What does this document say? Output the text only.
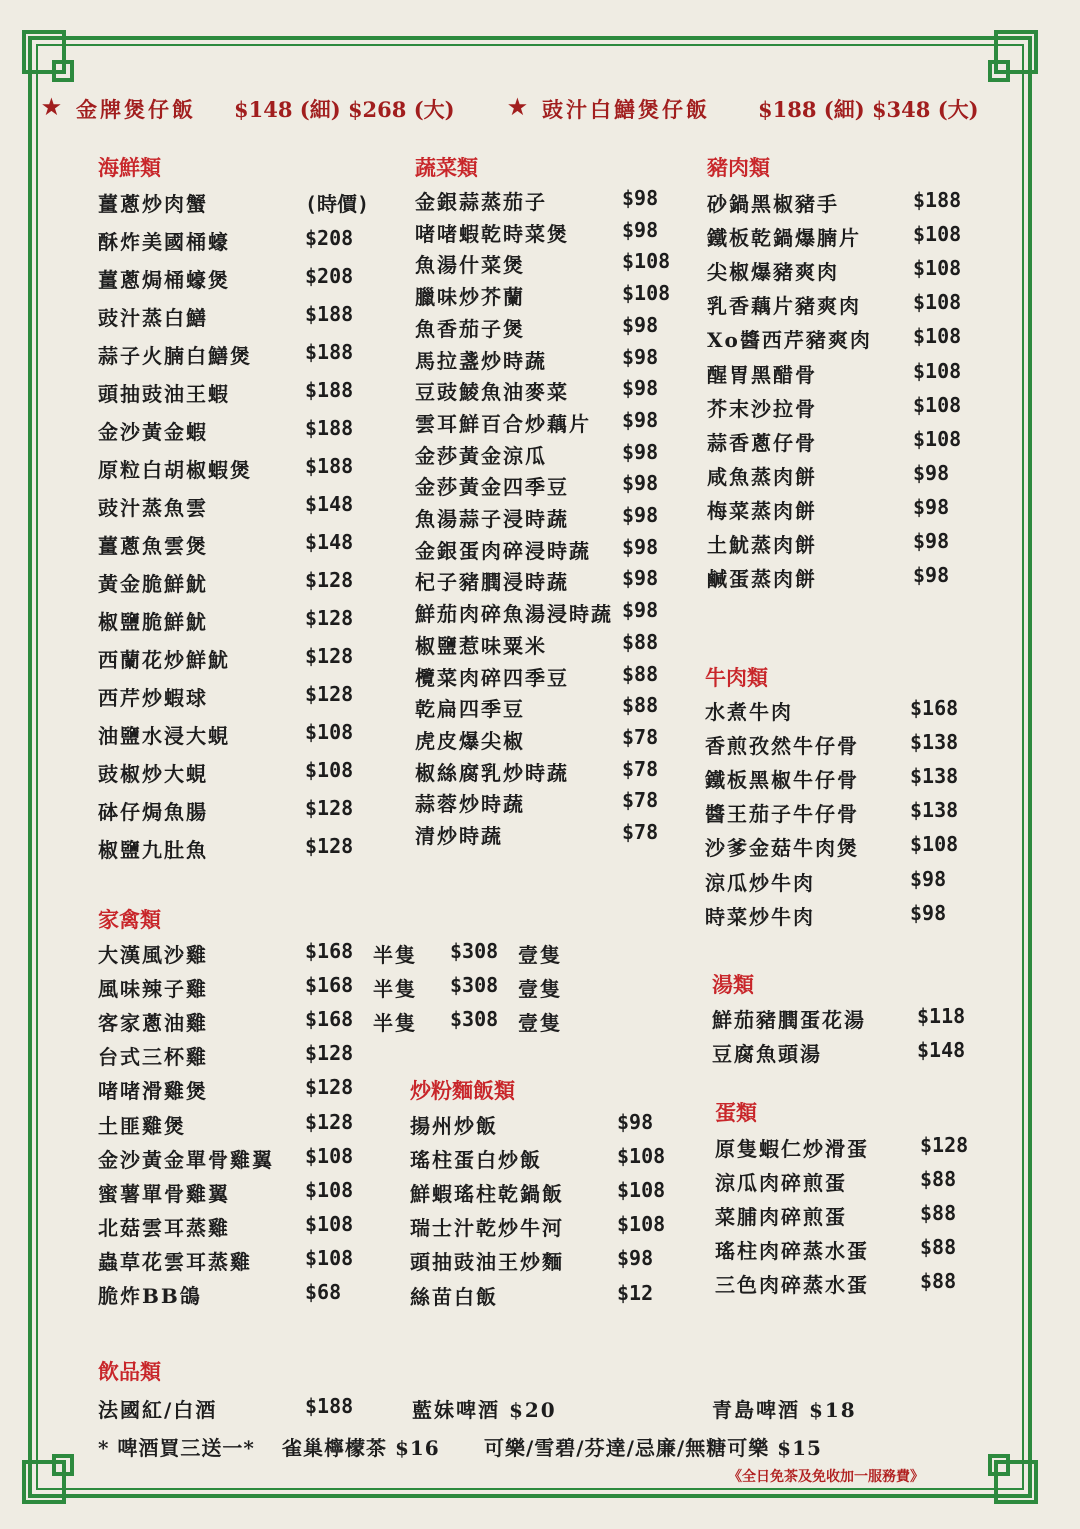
★ 金牌煲仔飯 $148 (細) $268 (大)	★ 豉汁白鱔煲仔飯 $188 (細) $348 (大)
海鮮類
薑蔥炒肉蟹	(時價)
酥炸美國桶蠔	$208
薑蔥焗桶蠔煲	$208
豉汁蒸白鱔	$188
蒜子火腩白鱔煲	$188
頭抽豉油王蝦	$188
金沙黃金蝦	$188
原粒白胡椒蝦煲	$188
豉汁蒸魚雲	$148
薑蔥魚雲煲	$148
黃金脆鮮魷	$128
椒鹽脆鮮魷	$128
西蘭花炒鮮魷	$128
西芹炒蝦球	$128
油鹽水浸大蜆	$108
豉椒炒大蜆	$108
砵仔焗魚腸	$128
椒鹽九肚魚	$128
蔬菜類
金銀蒜蒸茄子	$98
啫啫蝦乾時菜煲	$98
魚湯什菜煲	$108
臘味炒芥蘭	$108
魚香茄子煲	$98
馬拉盞炒時蔬	$98
豆豉鯪魚油麥菜	$98
雲耳鮮百合炒藕片 $98
金莎黃金涼瓜	$98
金莎黃金四季豆	$98
魚湯蒜子浸時蔬	$98
金銀蛋肉碎浸時蔬 $98
杞子豬膶浸時蔬	$98
鮮茄肉碎魚湯浸時蔬 $98
椒鹽惹味粟米	$88
欖菜肉碎四季豆	$88
乾扁四季豆	$88
虎皮爆尖椒	$78
椒絲腐乳炒時蔬	$78
蒜蓉炒時蔬	$78
清炒時蔬	$78
豬肉類
砂鍋黑椒豬手	$188
鐵板乾鍋爆腩片	$108
尖椒爆豬爽肉	$108
乳香藕片豬爽肉	$108
Xo醬西芹豬爽肉 $108
醒胃黑醋骨	$108
芥末沙拉骨	$108
蒜香蔥仔骨	$108
咸魚蒸肉餅	$98
梅菜蒸肉餅	$98
土魷蒸肉餅	$98
鹹蛋蒸肉餅	$98
牛肉類
水煮牛肉	$168
香煎孜然牛仔骨	$138
鐵板黑椒牛仔骨	$138
醬王茄子牛仔骨	$138
沙爹金菇牛肉煲	$108
涼瓜炒牛肉	$98
時菜炒牛肉	$98
家禽類
大漢風沙雞	$168 半隻 $308 壹隻
風味辣子雞	$168 半隻 $308 壹隻
客家蔥油雞	$168 半隻 $308 壹隻
台式三杯雞	$128
啫啫滑雞煲	$128
土匪雞煲	$128
金沙黃金單骨雞翼 $108
蜜薯單骨雞翼	$108
北菇雲耳蒸雞	$108
蟲草花雲耳蒸雞	$108
脆炸BB鴿	$68
炒粉麵飯類
揚州炒飯	$98
瑤柱蛋白炒飯	$108
鮮蝦瑤柱乾鍋飯	$108
瑞士汁乾炒牛河	$108
頭抽豉油王炒麵	$98
絲苗白飯	$12
湯類
鮮茄豬膶蛋花湯	$118
豆腐魚頭湯	$148
蛋類
原隻蝦仁炒滑蛋	$128
涼瓜肉碎煎蛋	$88
菜脯肉碎煎蛋	$88
瑤柱肉碎蒸水蛋	$88
三色肉碎蒸水蛋	$88
飲品類
法國紅/白酒	$188	藍妹啤酒 $20	青島啤酒 $18
* 啤酒買三送一* 雀巢檸檬茶 $16 可樂/雪碧/芬達/忌廉/無糖可樂 $15
《全日免茶及免收加一服務費》
